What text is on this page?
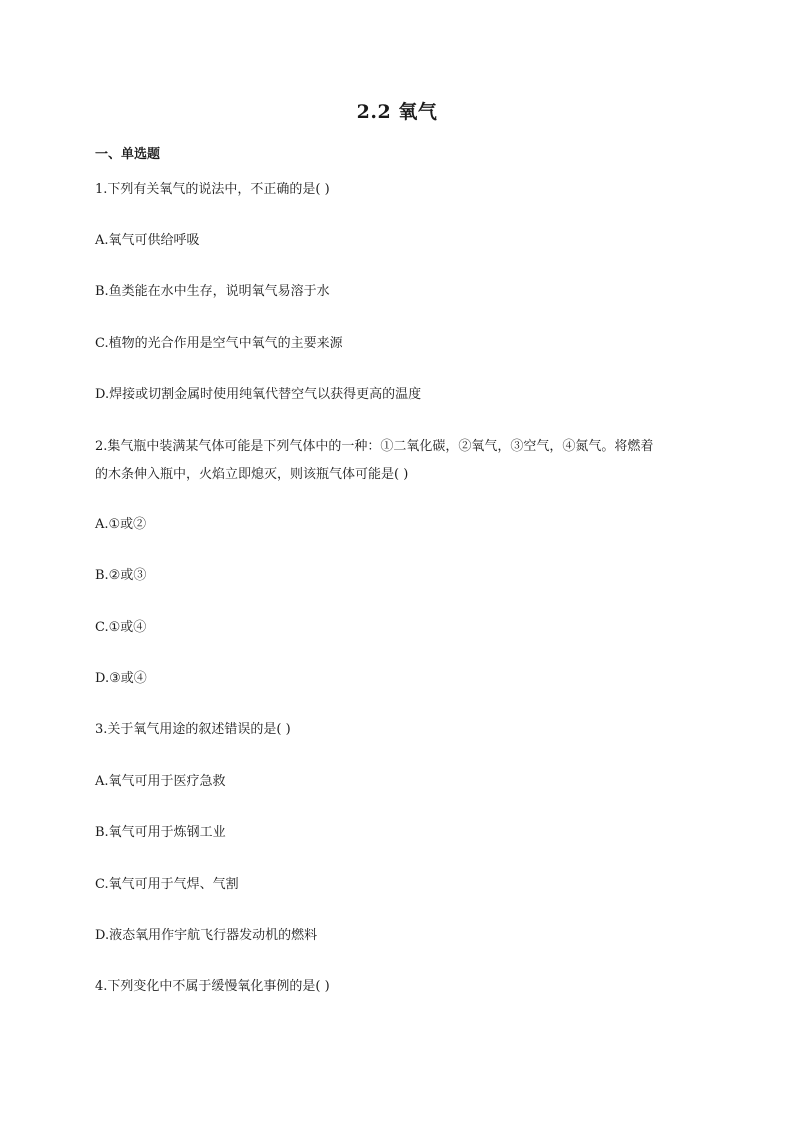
2.2 氧气
一、单选题
1.下列有关氧气的说法中，不正确的是( )
A.氧气可供给呼吸
B.鱼类能在水中生存，说明氧气易溶于水
C.植物的光合作用是空气中氧气的主要来源
D.焊接或切割金属时使用纯氧代替空气以获得更高的温度
2.集气瓶中装满某气体可能是下列气体中的一种：①二氧化碳，②氧气，③空气，④氮气。将燃着
的木条伸入瓶中，火焰立即熄灭，则该瓶气体可能是( )
A.①或②
B.②或③
C.①或④
D.③或④
3.关于氧气用途的叙述错误的是( )
A.氧气可用于医疗急救
B.氧气可用于炼钢工业
C.氧气可用于气焊、气割
D.液态氧用作宇航飞行器发动机的燃料
4.下列变化中不属于缓慢氧化事例的是( )
